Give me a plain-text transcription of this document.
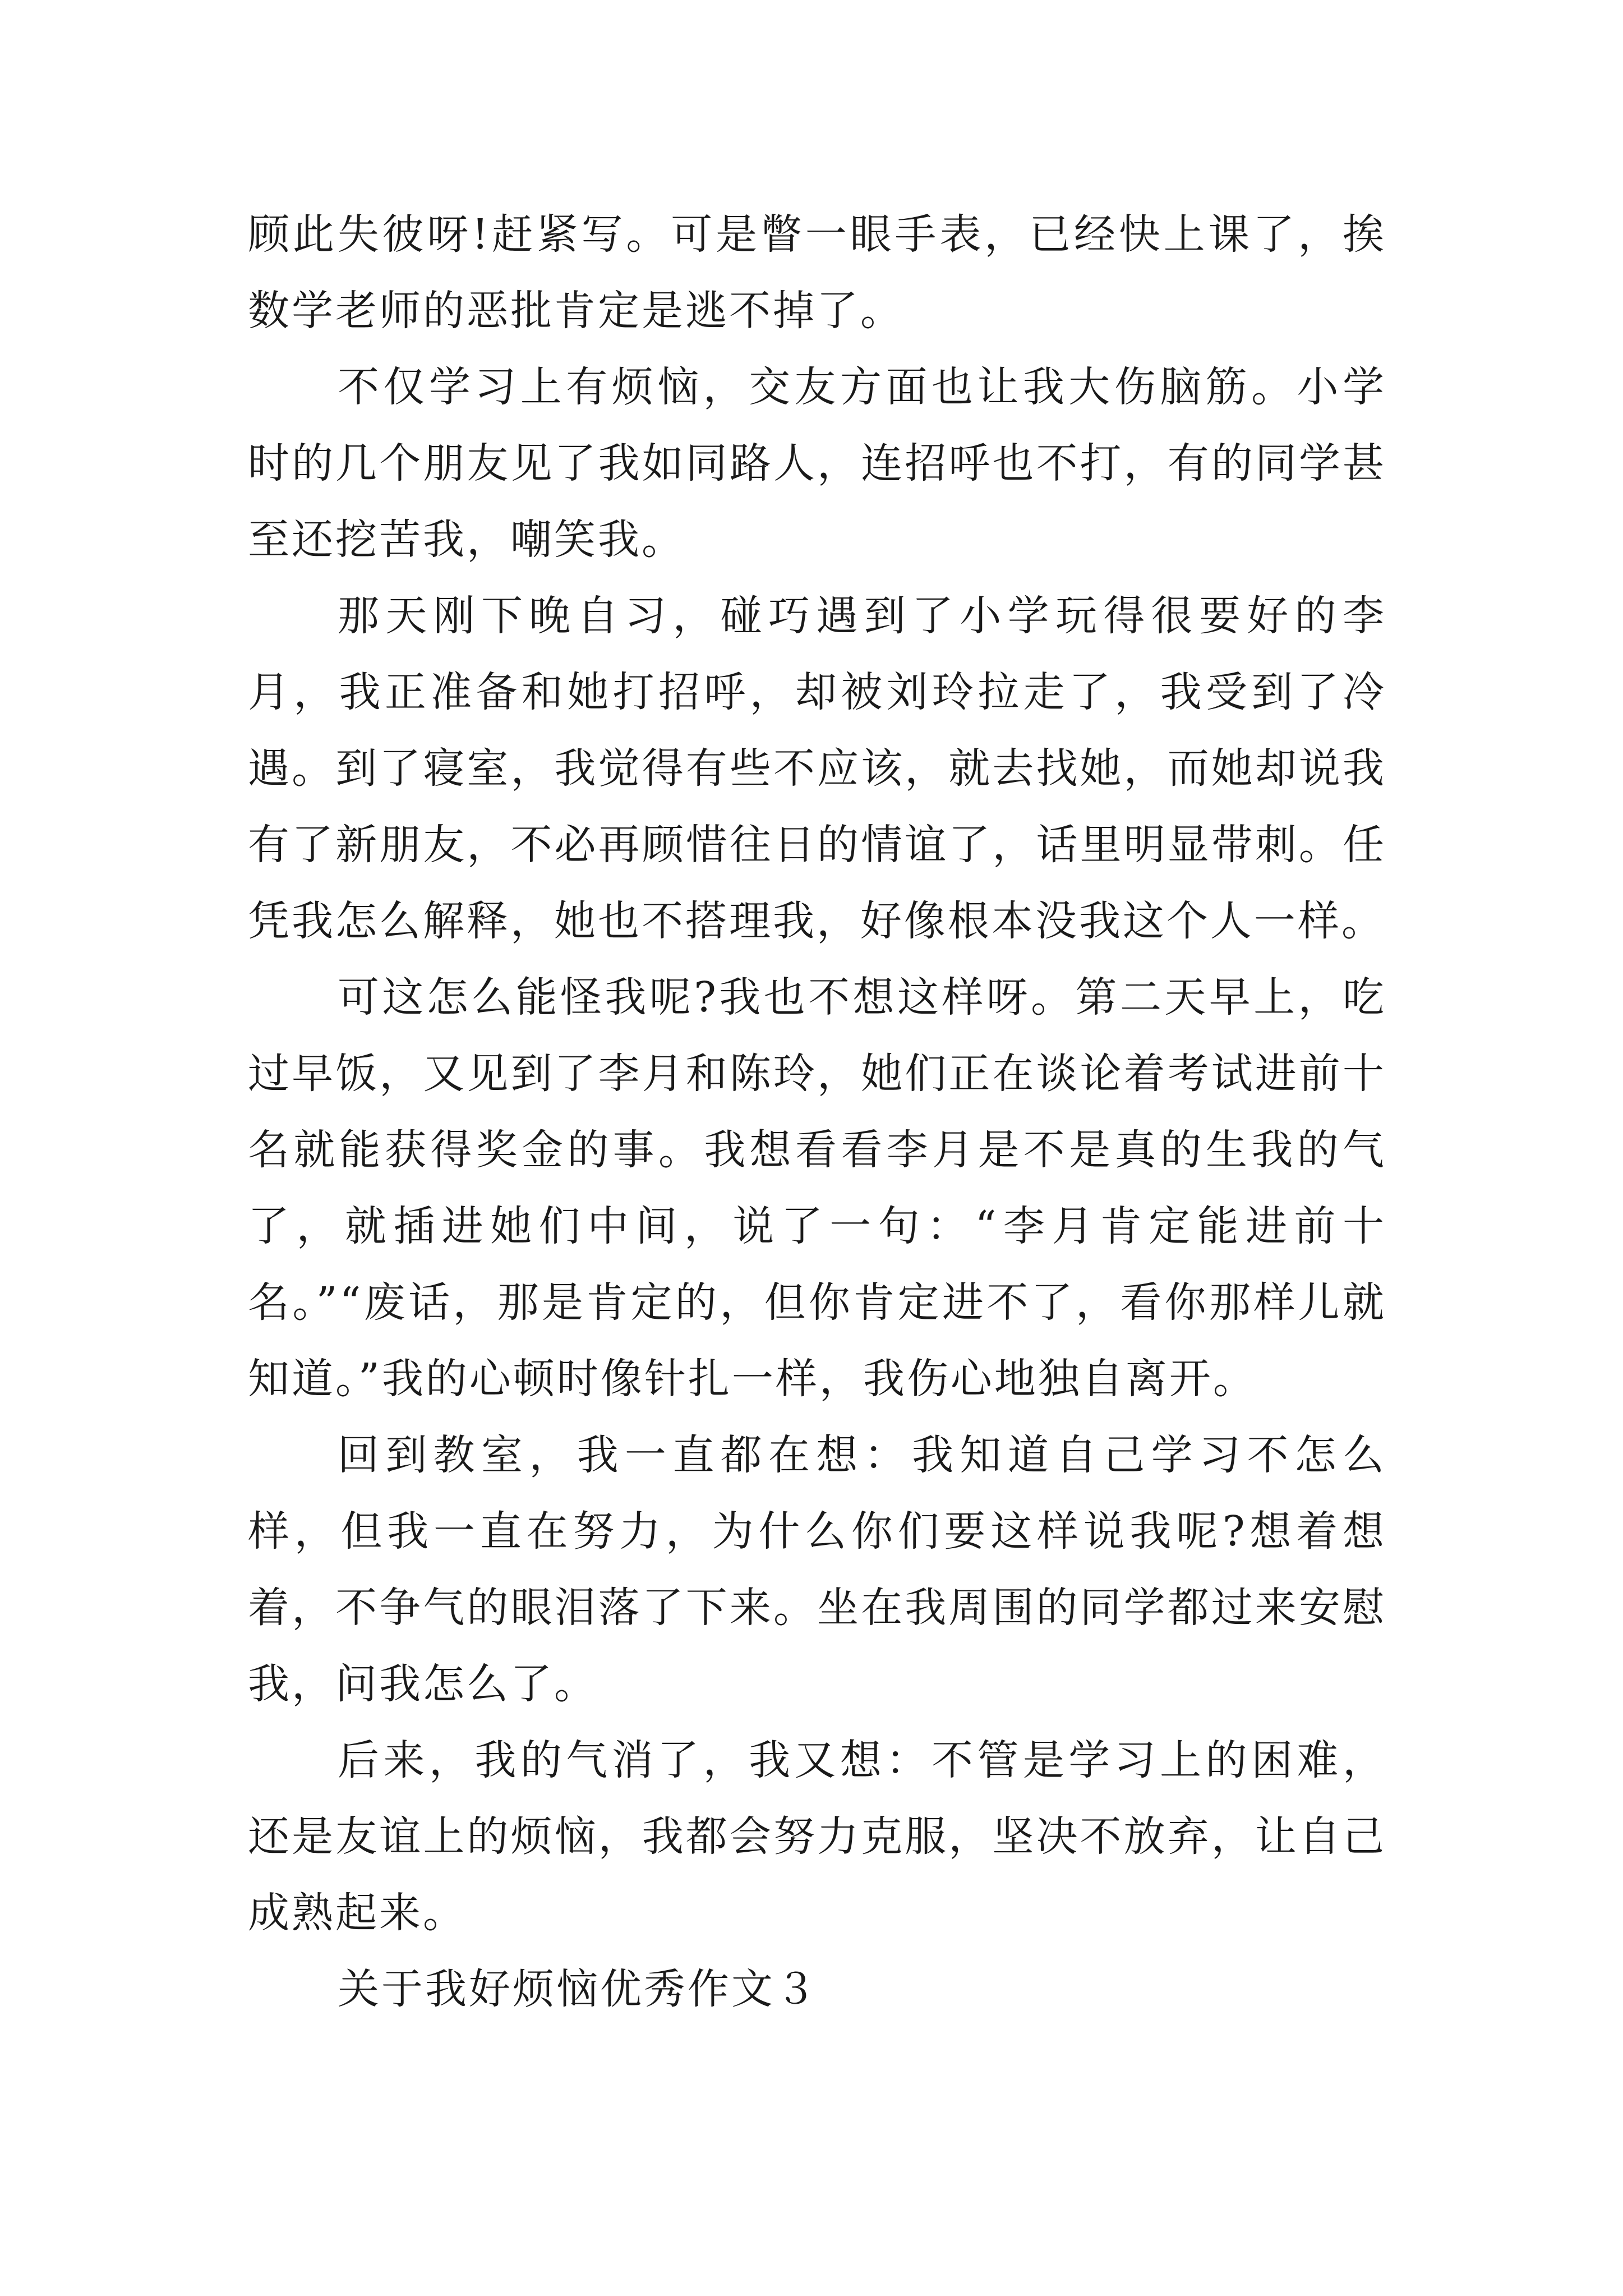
顾此失彼呀!赶紧写。可是瞥一眼手表，已经快上课了，挨数学老师的恶批肯定是逃不掉了。

不仅学习上有烦恼，交友方面也让我大伤脑筋。小学时的几个朋友见了我如同路人，连招呼也不打，有的同学甚至还挖苦我，嘲笑我。

那天刚下晚自习，碰巧遇到了小学玩得很要好的李月，我正准备和她打招呼，却被刘玲拉走了，我受到了冷遇。到了寝室，我觉得有些不应该，就去找她，而她却说我有了新朋友，不必再顾惜往日的情谊了，话里明显带刺。任凭我怎么解释，她也不搭理我，好像根本没我这个人一样。

可这怎么能怪我呢?我也不想这样呀。第二天早上，吃过早饭，又见到了李月和陈玲，她们正在谈论着考试进前十名就能获得奖金的事。我想看看李月是不是真的生我的气了，就插进她们中间，说了一句：“李月肯定能进前十名。”“废话，那是肯定的，但你肯定进不了，看你那样儿就知道。”我的心顿时像针扎一样，我伤心地独自离开。

回到教室，我一直都在想：我知道自己学习不怎么样，但我一直在努力，为什么你们要这样说我呢?想着想着，不争气的眼泪落了下来。坐在我周围的同学都过来安慰我，问我怎么了。

后来，我的气消了，我又想：不管是学习上的困难，还是友谊上的烦恼，我都会努力克服，坚决不放弃，让自己成熟起来。

关于我好烦恼优秀作文３
